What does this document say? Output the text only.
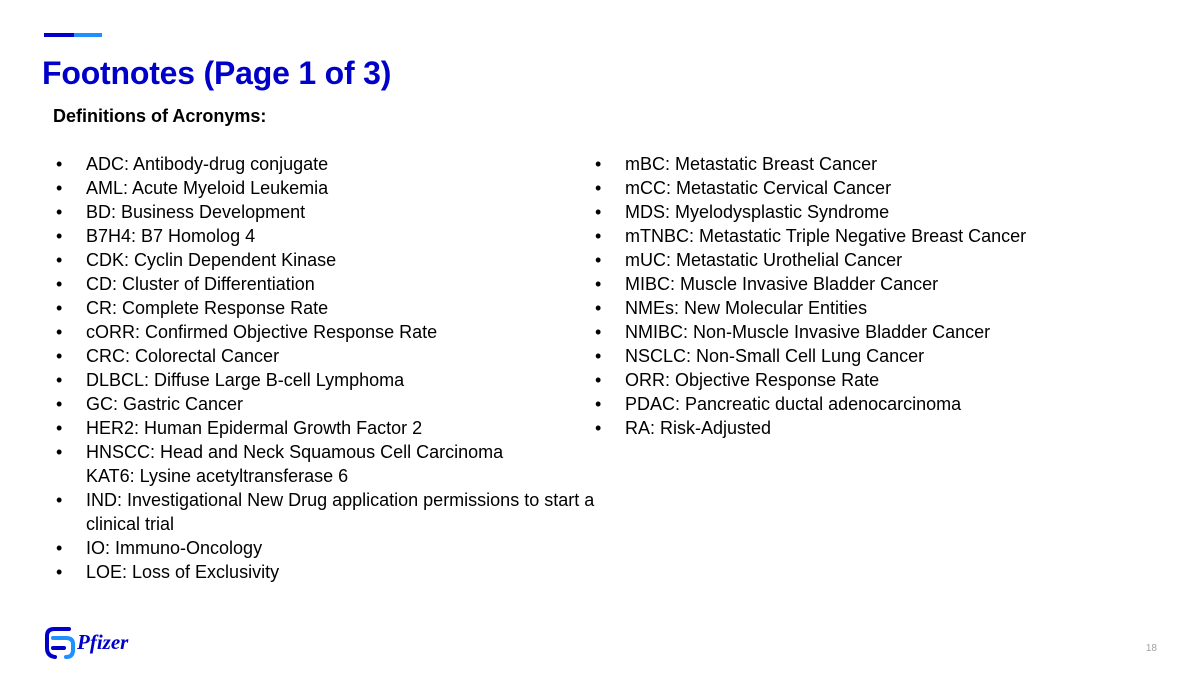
Footnotes (Page 1 of 3)
Definitions of Acronyms:
• ADC: Antibody-drug conjugate
• AML: Acute Myeloid Leukemia
• BD: Business Development
• B7H4: B7 Homolog 4
• CDK: Cyclin Dependent Kinase
• CD: Cluster of Differentiation
• CR: Complete Response Rate
• cORR: Confirmed Objective Response Rate
• CRC: Colorectal Cancer
• DLBCL: Diffuse Large B-cell Lymphoma
• GC: Gastric Cancer
• HER2: Human Epidermal Growth Factor 2
• HNSCC: Head and Neck Squamous Cell Carcinoma
KAT6: Lysine acetyltransferase 6
• IND: Investigational New Drug application permissions to start a clinical trial
• IO: Immuno-Oncology
• LOE: Loss of Exclusivity
• mBC: Metastatic Breast Cancer
• mCC: Metastatic Cervical Cancer
• MDS: Myelodysplastic Syndrome
• mTNBC: Metastatic Triple Negative Breast Cancer
• mUC: Metastatic Urothelial Cancer
• MIBC: Muscle Invasive Bladder Cancer
• NMEs: New Molecular Entities
• NMIBC: Non-Muscle Invasive Bladder Cancer
• NSCLC: Non-Small Cell Lung Cancer
• ORR: Objective Response Rate
• PDAC: Pancreatic ductal adenocarcinoma
• RA: Risk-Adjusted
Pfizer	18
